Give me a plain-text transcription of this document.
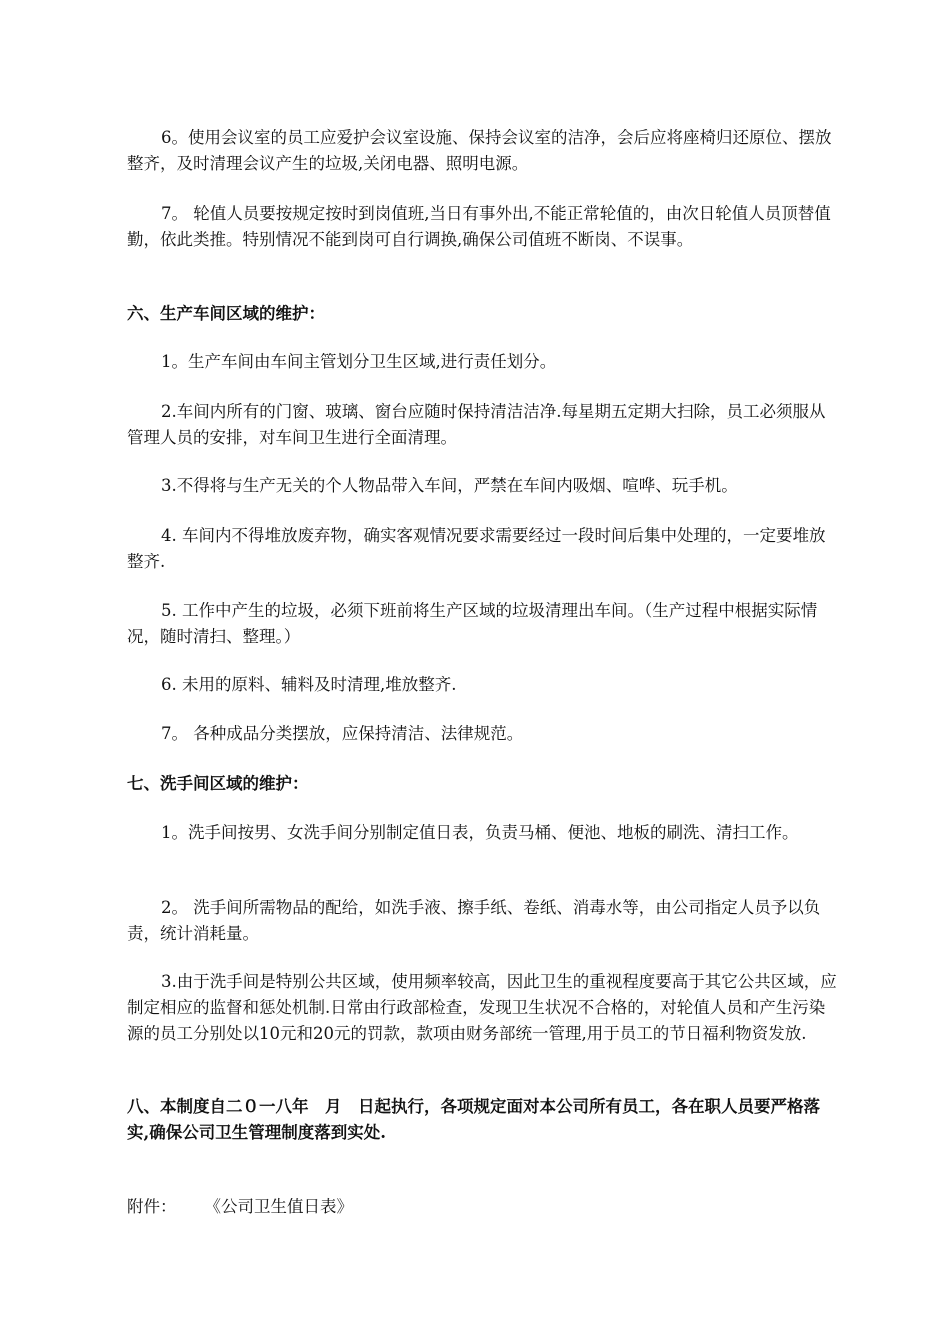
6。使用会议室的员工应爱护会议室设施、保持会议室的洁净，会后应将座椅归还原位、摆放整齐，及时清理会议产生的垃圾,关闭电器、照明电源。

7。 轮值人员要按规定按时到岗值班,当日有事外出,不能正常轮值的，由次日轮值人员顶替值勤，依此类推。特别情况不能到岗可自行调换,确保公司值班不断岗、不误事。

六、生产车间区域的维护：

1。生产车间由车间主管划分卫生区域,进行责任划分。

2.车间内所有的门窗、玻璃、窗台应随时保持清洁洁净.每星期五定期大扫除，员工必须服从管理人员的安排，对车间卫生进行全面清理。

3.不得将与生产无关的个人物品带入车间，严禁在车间内吸烟、喧哗、玩手机。

4. 车间内不得堆放废弃物，确实客观情况要求需要经过一段时间后集中处理的，一定要堆放整齐.

5. 工作中产生的垃圾，必须下班前将生产区域的垃圾清理出车间。（生产过程中根据实际情况，随时清扫、整理。）

6. 未用的原料、辅料及时清理,堆放整齐.

7。 各种成品分类摆放，应保持清洁、法律规范。

七、洗手间区域的维护：

1。洗手间按男、女洗手间分别制定值日表，负责马桶、便池、地板的刷洗、清扫工作。

2。 洗手间所需物品的配给，如洗手液、擦手纸、卷纸、消毒水等，由公司指定人员予以负责，统计消耗量。

3.由于洗手间是特别公共区域，使用频率较高，因此卫生的重视程度要高于其它公共区域，应制定相应的监督和惩处机制.日常由行政部检查，发现卫生状况不合格的，对轮值人员和产生污染源的员工分别处以10元和20元的罚款，款项由财务部统一管理,用于员工的节日福利物资发放.

八、本制度自二０一八年　月　日起执行，各项规定面对本公司所有员工，各在职人员要严格落实,确保公司卫生管理制度落到实处.

附件： 《公司卫生值日表》
